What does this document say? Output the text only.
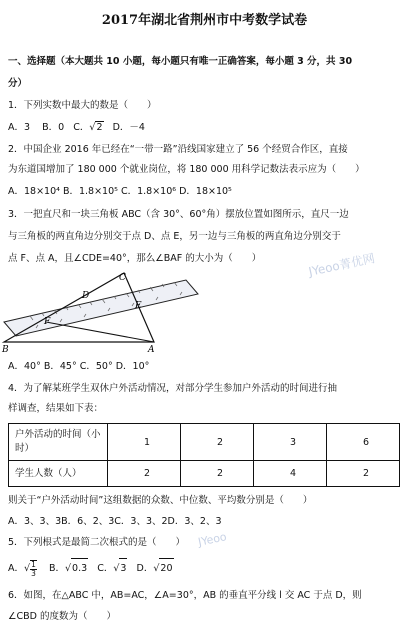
2017年湖北省荆州市中考数学试卷
一、选择题（本大题共 10 小题，每小题只有唯一正确答案，每小题 3 分，共 30
分）
1．下列实数中最大的数是（　　）
A．3 B．0 C．√2 D．－4
2．中国企业 2016 年已经在“一带一路”沿线国家建立了 56 个经贸合作区，直接
为东道国增加了 180 000 个就业岗位，将 180 000 用科学记数法表示应为（　　）
A．18×10⁴ B．1.8×10⁵ C．1.8×10⁶ D．18×10⁵
3．一把直尺和一块三角板 ABC（含 30°、60°角）摆放位置如图所示，直尺一边
与三角板的两直角边分别交于点 D、点 E，另一边与三角板的两直角边分别交于
点 F、点 A，且∠CDE=40°，那么∠BAF 的大小为（　　）
C
D
E
F
B	A
JYeoo菁优网
A．40° B．45° C．50° D．10°
4．为了解某班学生双休户外活动情况，对部分学生参加户外活动的时间进行抽
样调查，结果如下表：
户外活动的时间（小时）	1	2	3	6
学生人数（人）	2	2	4	2
则关于“户外活动时间”这组数据的众数、中位数、平均数分别是（　　）
A．3、3、3B．6、2、3C．3、3、2D．3、2、3
5．下列根式是最简二次根式的是（　　） JYeoo
A．√ $\frac{1}{3}$ B．√0.3 C．√3 D．√20
6．如图，在△ABC 中，AB=AC，∠A=30°，AB 的垂直平分线 l 交 AC 于点 D，则
∠CBD 的度数为（　　）
